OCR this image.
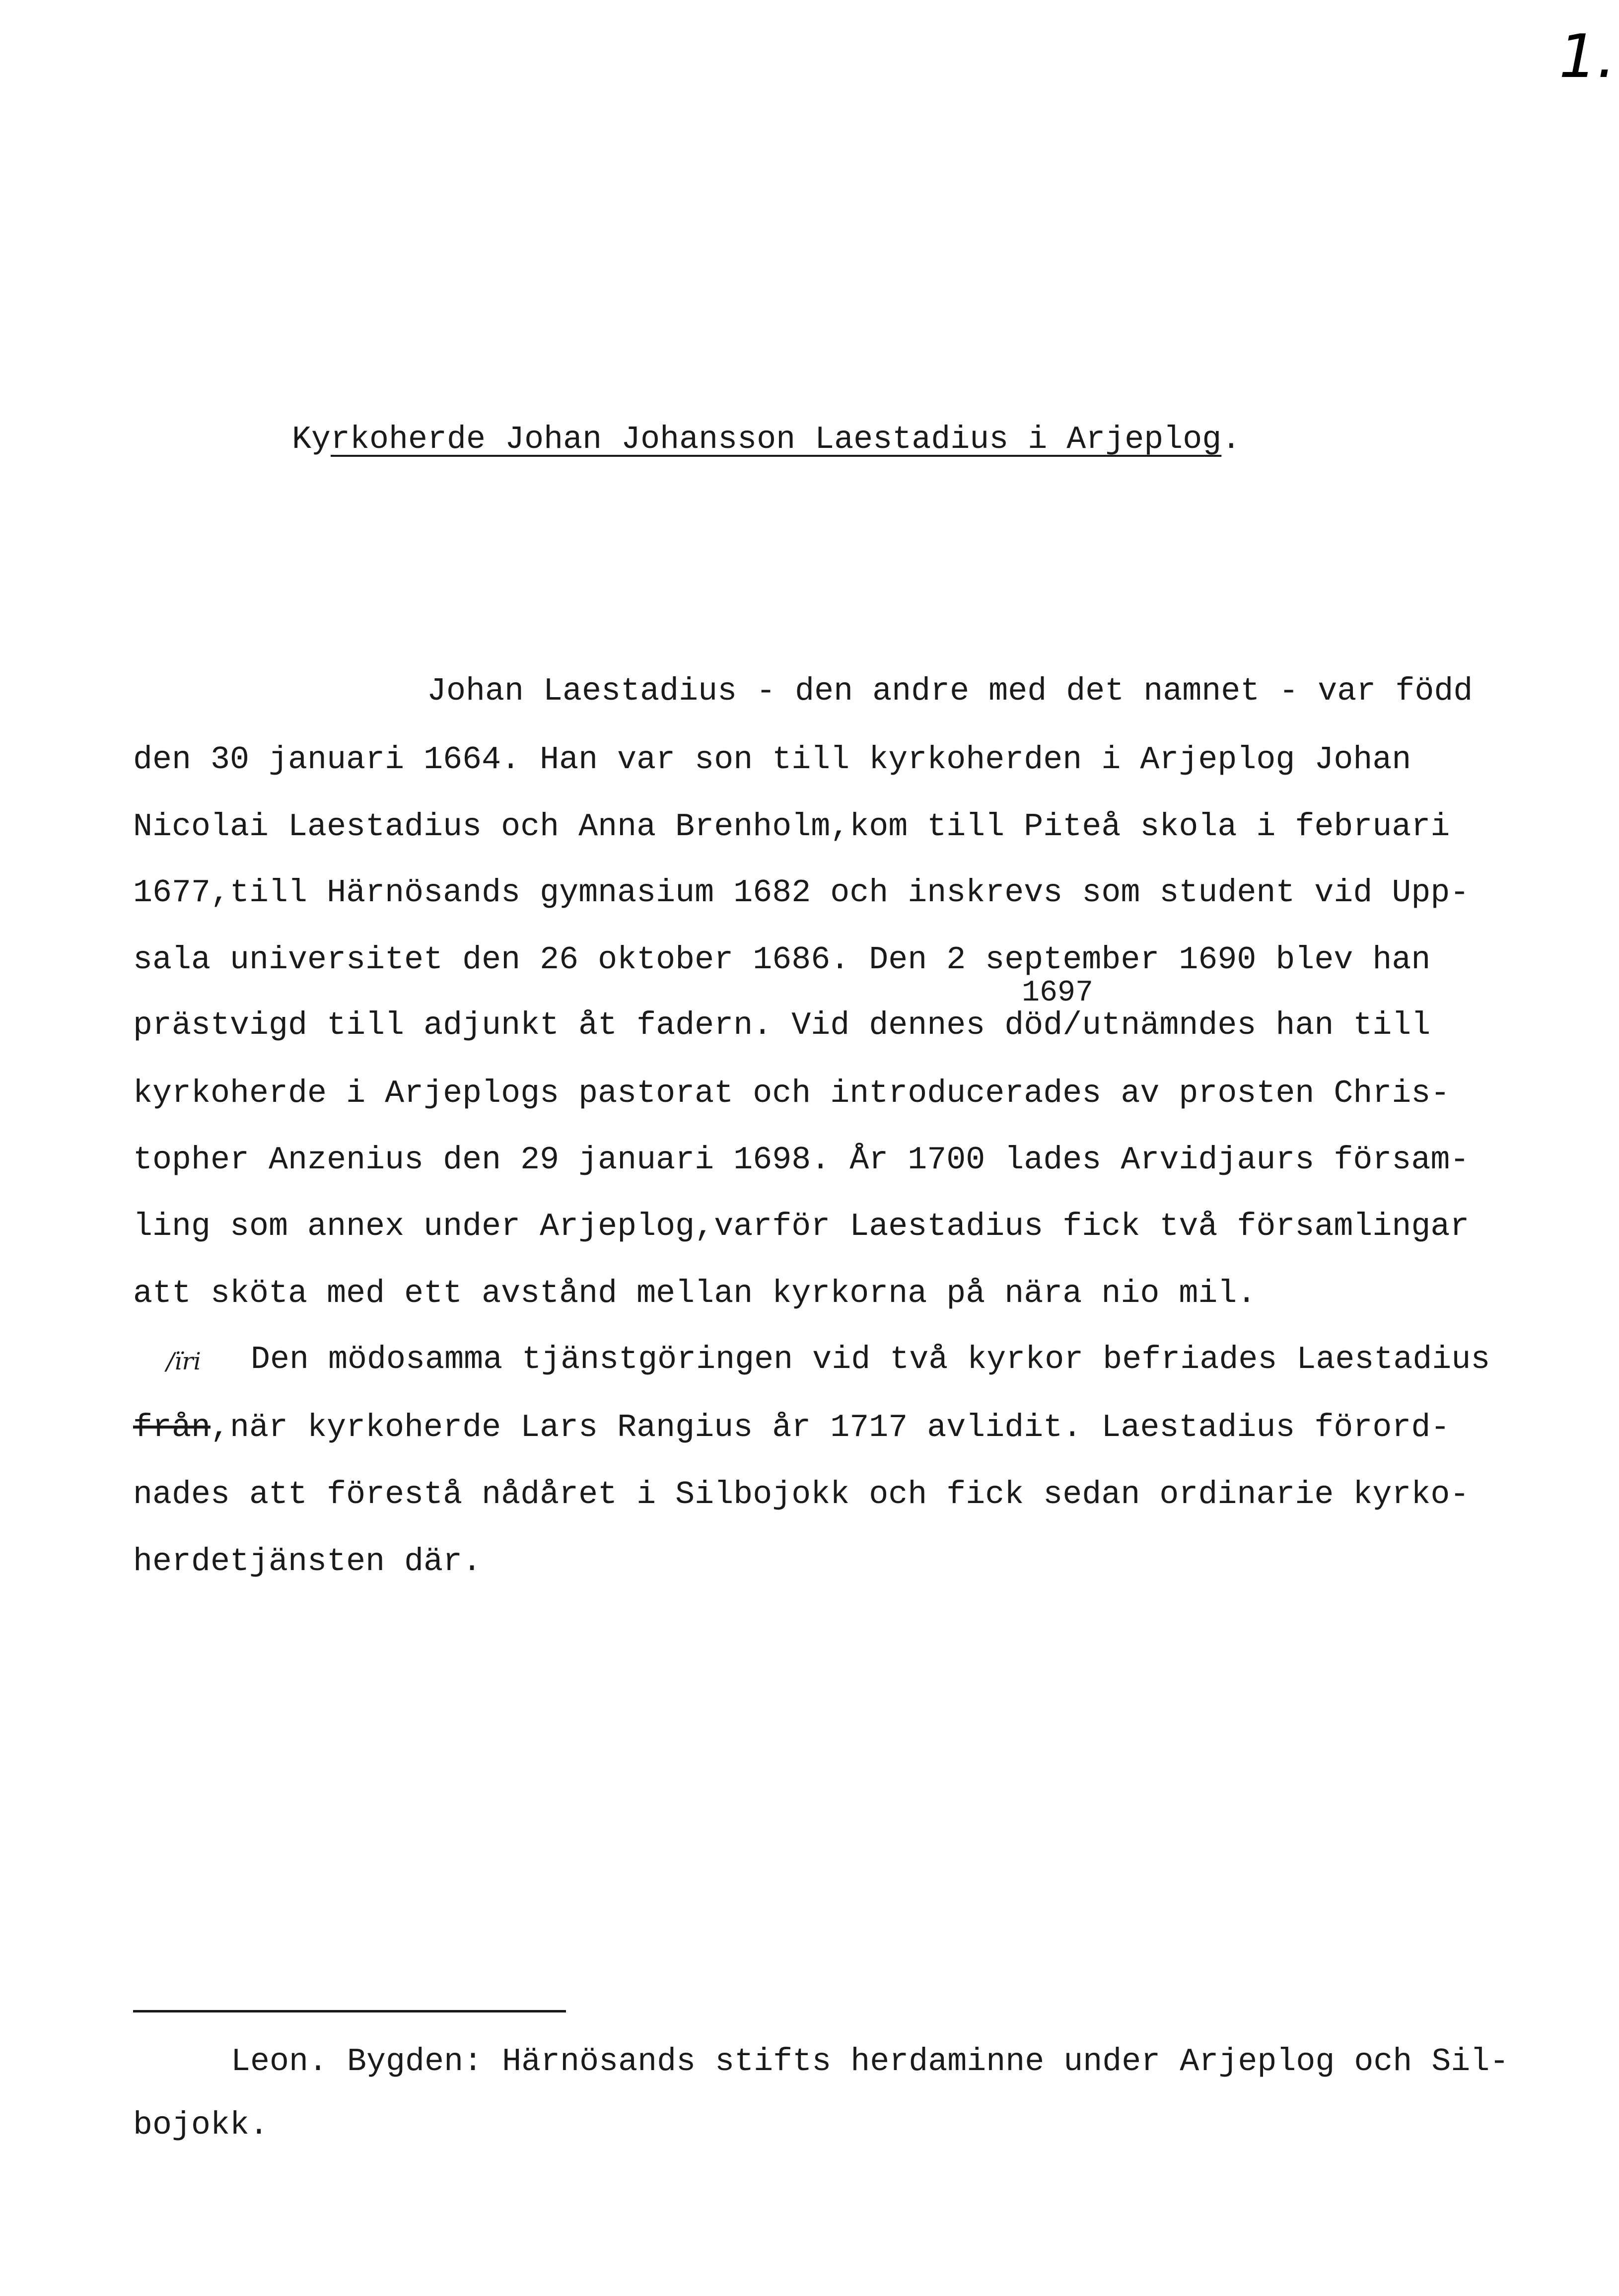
1.
Kyrkoherde Johan Johansson Laestadius i Arjeplog.
Johan Laestadius - den andre med det namnet - var född
den 30 januari 1664. Han var son till kyrkoherden i Arjeplog Johan
Nicolai Laestadius och Anna Brenholm,kom till Piteå skola i februari
1677,till Härnösands gymnasium 1682 och inskrevs som student vid Upp-
sala universitet den 26 oktober 1686. Den 2 september 1690 blev han
1697
prästvigd till adjunkt åt fadern. Vid dennes död/utnämndes han till
kyrkoherde i Arjeplogs pastorat och introducerades av prosten Chris-
topher Anzenius den 29 januari 1698. År 1700 lades Arvidjaurs försam-
ling som annex under Arjeplog,varför Laestadius fick två församlingar
att sköta med ett avstånd mellan kyrkorna på nära nio mil.
/ïri Den mödosamma tjänstgöringen vid två kyrkor befriades Laestadius
från,när kyrkoherde Lars Rangius år 1717 avlidit. Laestadius förord-
nades att förestå nådåret i Silbojokk och fick sedan ordinarie kyrko-
herdetjänsten där.
Leon. Bygden: Härnösands stifts herdaminne under Arjeplog och Sil-
bojokk.
